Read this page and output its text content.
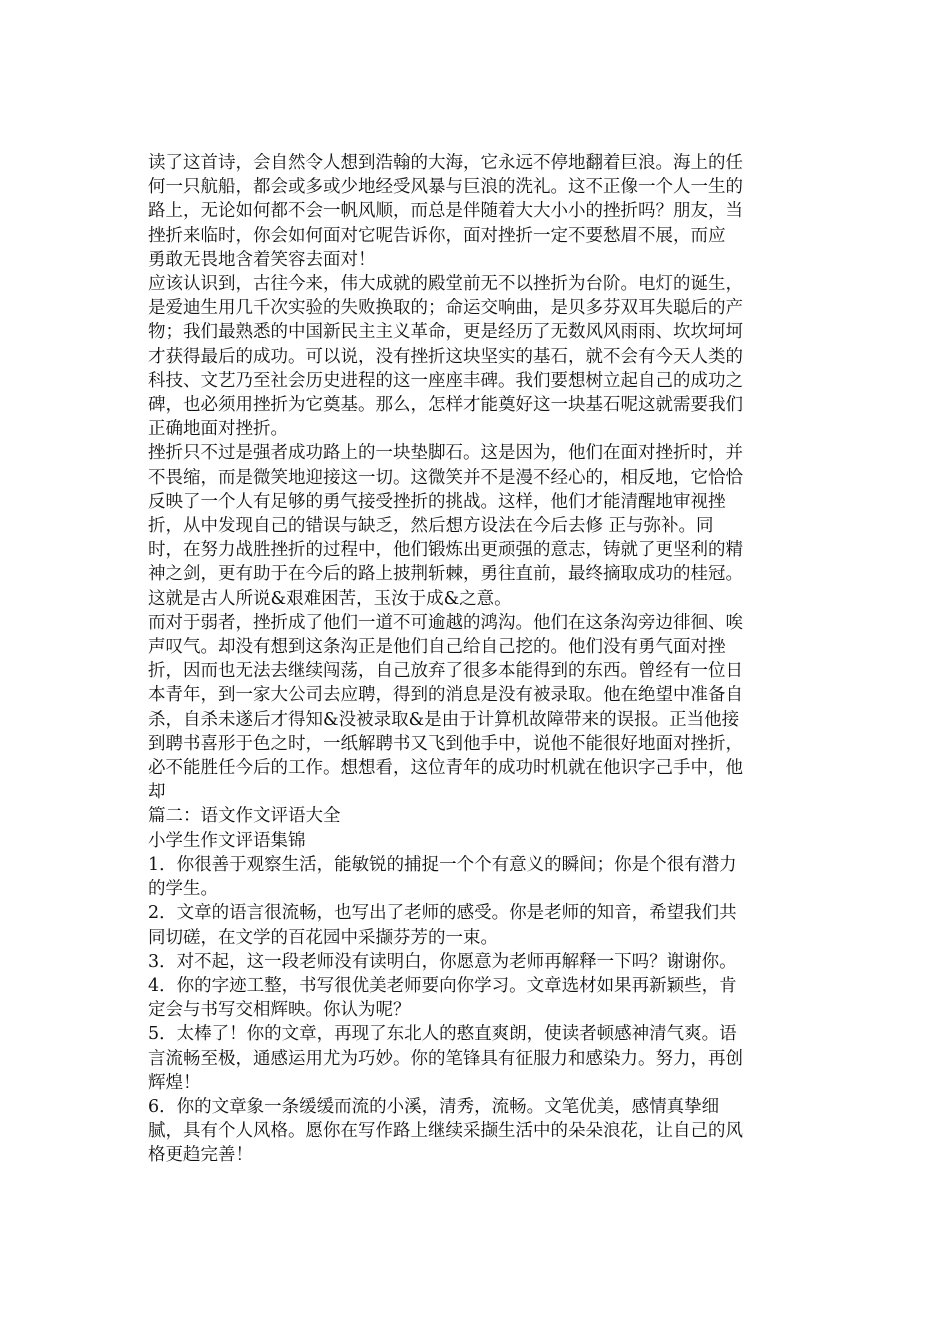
读了这首诗，会自然令人想到浩翰的大海，它永远不停地翻着巨浪。海上的任
何一只航船，都会或多或少地经受风暴与巨浪的洗礼。这不正像一个人一生的
路上，无论如何都不会一帆风顺，而总是伴随着大大小小的挫折吗？朋友，当
挫折来临时，你会如何面对它呢告诉你，面对挫折一定不要愁眉不展，而应
勇敢无畏地含着笑容去面对！

应该认识到，古往今来，伟大成就的殿堂前无不以挫折为台阶。电灯的诞生，
是爱迪生用几千次实验的失败换取的；命运交响曲，是贝多芬双耳失聪后的产
物；我们最熟悉的中国新民主主义革命，更是经历了无数风风雨雨、坎坎坷坷
才获得最后的成功。可以说，没有挫折这块坚实的基石，就不会有今天人类的
科技、文艺乃至社会历史进程的这一座座丰碑。我们要想树立起自己的成功之
碑，也必须用挫折为它奠基。那么，怎样才能奠好这一块基石呢这就需要我们
正确地面对挫折。

挫折只不过是强者成功路上的一块垫脚石。这是因为，他们在面对挫折时，并
不畏缩，而是微笑地迎接这一切。这微笑并不是漫不经心的，相反地，它恰恰
反映了一个人有足够的勇气接受挫折的挑战。这样，他们才能清醒地审视挫
折，从中发现自己的错误与缺乏，然后想方设法在今后去修 正与弥补。同
时，在努力战胜挫折的过程中，他们锻炼出更顽强的意志，铸就了更坚利的精
神之剑，更有助于在今后的路上披荆斩棘，勇往直前，最终摘取成功的桂冠。
这就是古人所说&艰难困苦，玉汝于成&之意。

而对于弱者，挫折成了他们一道不可逾越的鸿沟。他们在这条沟旁边徘徊、唉
声叹气。却没有想到这条沟正是他们自己给自己挖的。他们没有勇气面对挫
折，因而也无法去继续闯荡，自己放弃了很多本能得到的东西。曾经有一位日
本青年，到一家大公司去应聘，得到的消息是没有被录取。他在绝望中准备自
杀，自杀未遂后才得知&没被录取&是由于计算机故障带来的误报。正当他接
到聘书喜形于色之时，一纸解聘书又飞到他手中，说他不能很好地面对挫折，
必不能胜任今后的工作。想想看，这位青年的成功时机就在他识字己手中，他
却

篇二：语文作文评语大全

小学生作文评语集锦

1．你很善于观察生活，能敏锐的捕捉一个个有意义的瞬间；你是个很有潜力
的学生。

2．文章的语言很流畅，也写出了老师的感受。你是老师的知音，希望我们共
同切磋，在文学的百花园中采撷芬芳的一束。

3．对不起，这一段老师没有读明白，你愿意为老师再解释一下吗？谢谢你。

4．你的字迹工整，书写很优美老师要向你学习。文章选材如果再新颖些，肯
定会与书写交相辉映。你认为呢？

5．太棒了！你的文章，再现了东北人的憨直爽朗，使读者顿感神清气爽。语
言流畅至极，通感运用尤为巧妙。你的笔锋具有征服力和感染力。努力，再创
辉煌！

6．你的文章象一条缓缓而流的小溪，清秀，流畅。文笔优美，感情真挚细
腻，具有个人风格。愿你在写作路上继续采撷生活中的朵朵浪花，让自己的风
格更趋完善！
